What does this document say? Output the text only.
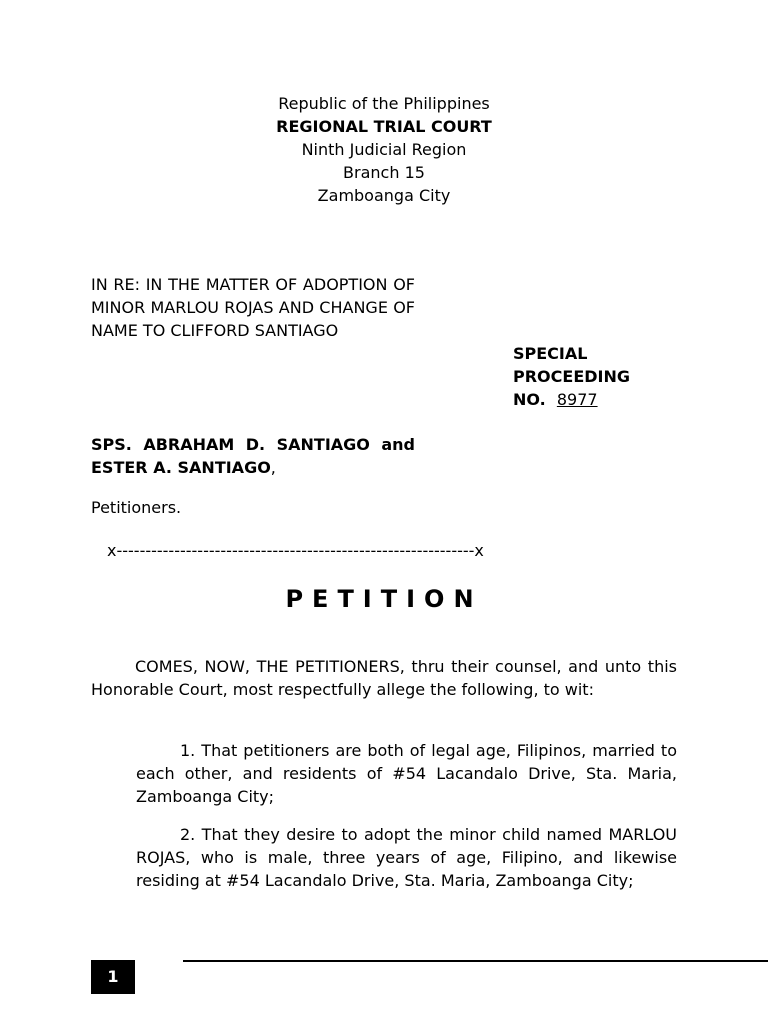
Republic of the Philippines
REGIONAL TRIAL COURT
Ninth Judicial Region
Branch 15
Zamboanga City
IN RE: IN THE MATTER OF ADOPTION OF MINOR MARLOU ROJAS AND CHANGE OF NAME TO CLIFFORD SANTIAGO
SPECIAL
PROCEEDING
NO. 8977
SPS. ABRAHAM D. SANTIAGO and ESTER A. SANTIAGO,
Petitioners.
x--------------------------------------------------------------x
PETITION
COMES, NOW, THE PETITIONERS, thru their counsel, and unto this Honorable Court, most respectfully allege the following, to wit:
1. That petitioners are both of legal age, Filipinos, married to each other, and residents of #54 Lacandalo Drive, Sta. Maria, Zamboanga City;
2. That they desire to adopt the minor child named MARLOU ROJAS, who is male, three years of age, Filipino, and likewise residing at #54 Lacandalo Drive, Sta. Maria, Zamboanga City;
1
